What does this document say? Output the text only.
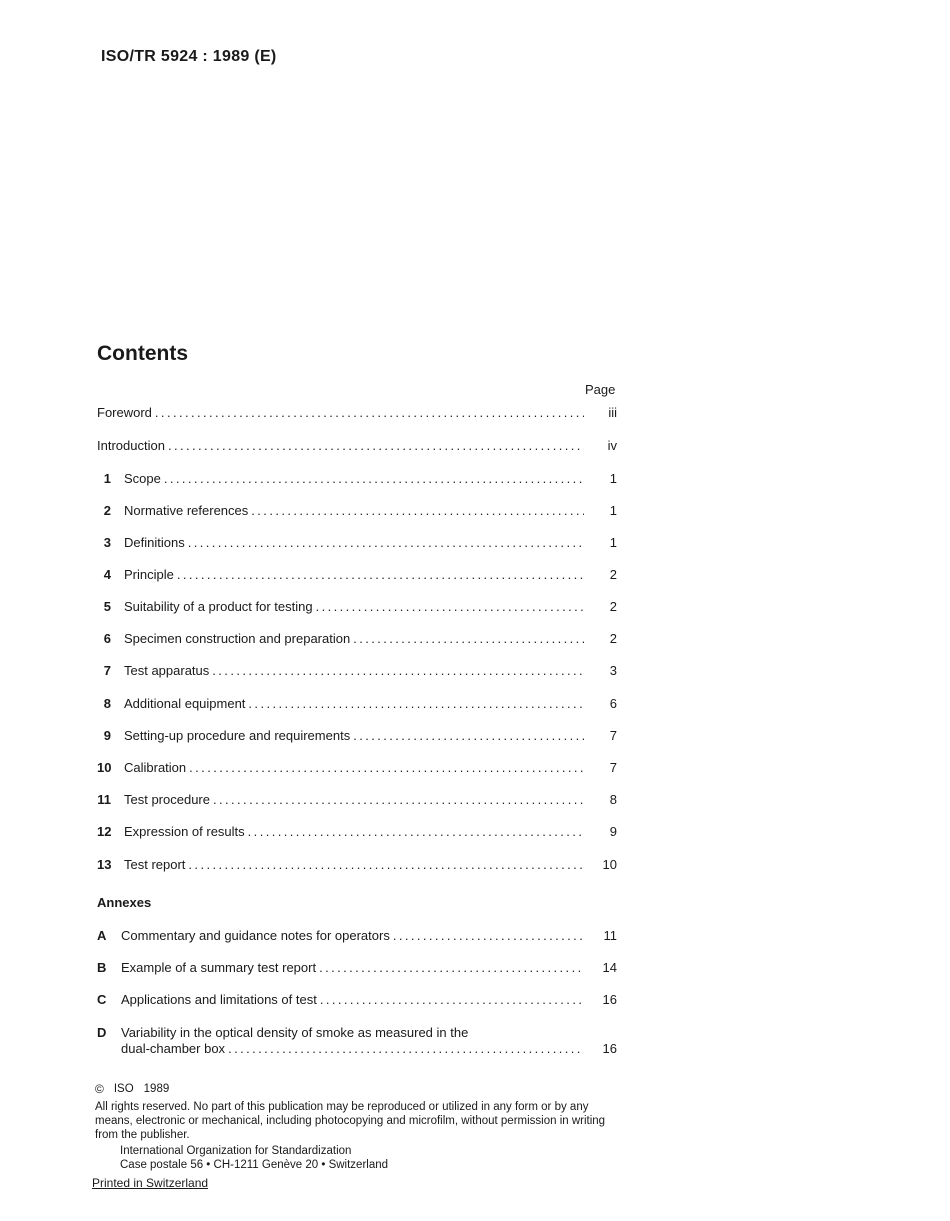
ISO/TR 5924 : 1989 (E)
Contents
Page
Foreword .....	iii
Introduction .....	iv
1 Scope .....	1
2 Normative references .....	1
3 Definitions .....	1
4 Principle .....	2
5 Suitability of a product for testing .....	2
6 Specimen construction and preparation .....	2
7 Test apparatus .....	3
8 Additional equipment .....	6
9 Setting-up procedure and requirements .....	7
10 Calibration .....	7
11 Test procedure .....	8
12 Expression of results .....	9
13 Test report .....	10
Annexes
A	Commentary and guidance notes for operators .....	11
B	Example of a summary test report .....	14
C	Applications and limitations of test .....	16
D	Variability in the optical density of smoke as measured in the
dual-chamber box .....	16
© ISO 1989
All rights reserved. No part of this publication may be reproduced or utilized in any form or by any means, electronic or mechanical, including photocopying and microfilm, without permission in writing from the publisher.
International Organization for Standardization
Case postale 56 • CH-1211 Genève 20 • Switzerland
Printed in Switzerland
